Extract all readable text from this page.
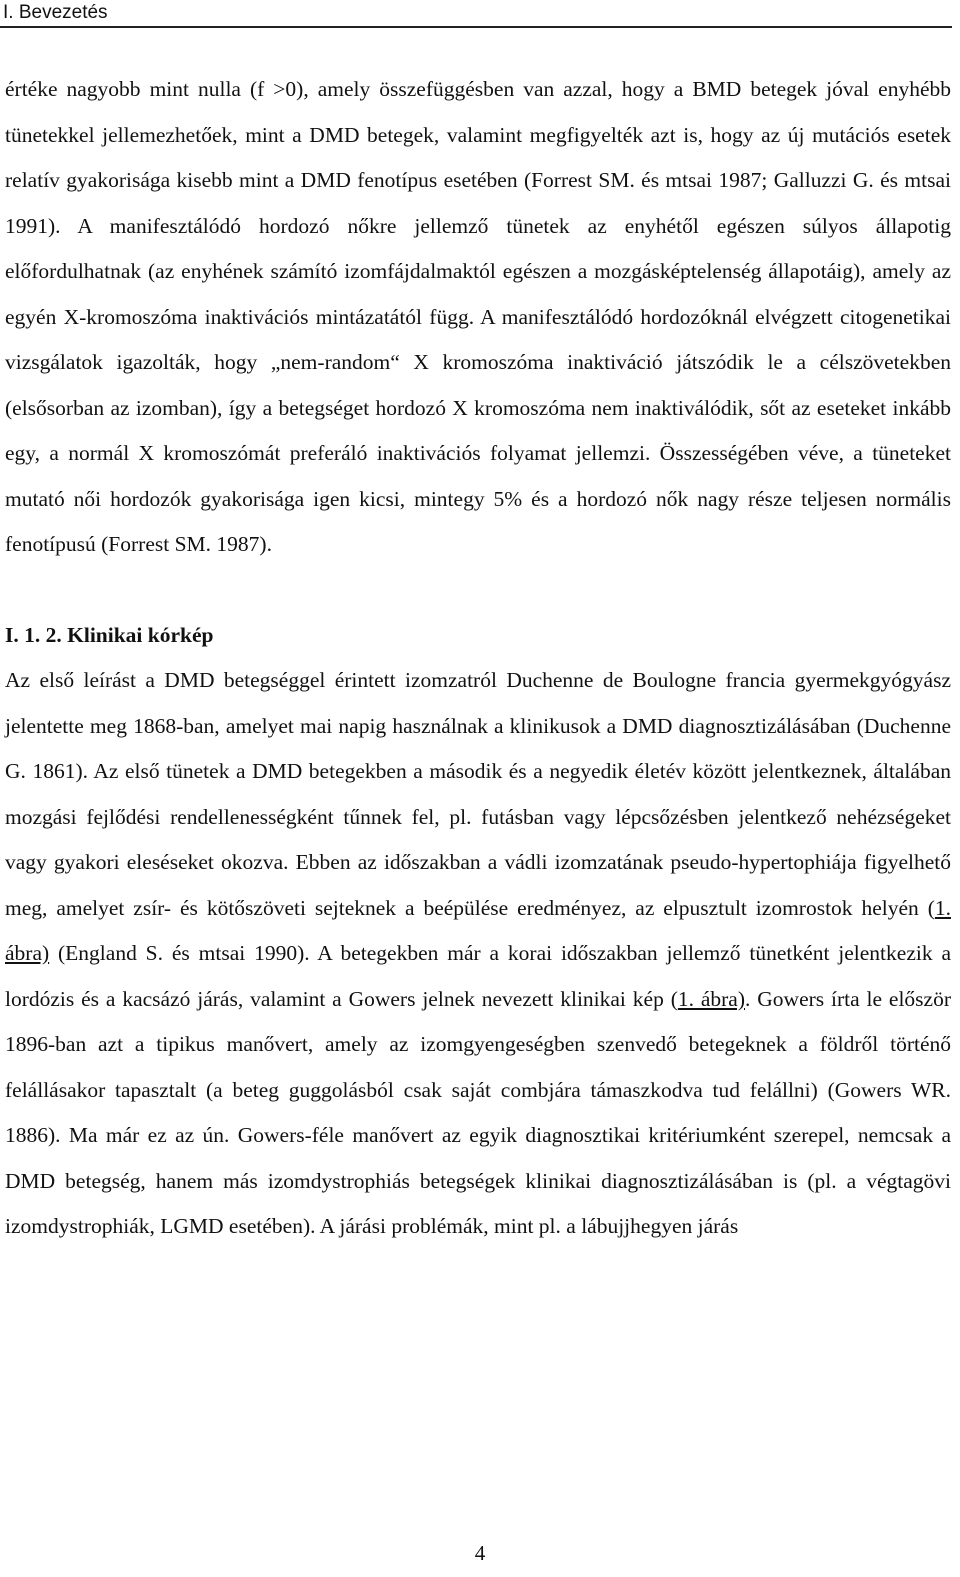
I. Bevezetés

értéke nagyobb mint nulla (f >0), amely összefüggésben van azzal, hogy a BMD betegek jóval enyhébb tünetekkel jellemezhetőek, mint a DMD betegek, valamint megfigyelték azt is, hogy az új mutációs esetek relatív gyakorisága kisebb mint a DMD fenotípus esetében (Forrest SM. és mtsai 1987; Galluzzi G. és mtsai 1991). A manifesztálódó hordozó nőkre jellemző tünetek az enyhétől egészen súlyos állapotig előfordulhatnak (az enyhének számító izomfájdalmaktól egészen a mozgásképtelenség állapotáig), amely az egyén X-kromoszóma inaktivációs mintázatától függ. A manifesztálódó hordozóknál elvégzett citogenetikai vizsgálatok igazolták, hogy „nem-random“ X kromoszóma inaktiváció játszódik le a célszövetekben (elsősorban az izomban), így a betegséget hordozó X kromoszóma nem inaktiválódik, sőt az eseteket inkább egy, a normál X kromoszómát preferáló inaktivációs folyamat jellemzi. Összességében véve, a tüneteket mutató női hordozók gyakorisága igen kicsi, mintegy 5% és a hordozó nők nagy része teljesen normális fenotípusú (Forrest SM. 1987).

I. 1. 2. Klinikai kórkép

Az első leírást a DMD betegséggel érintett izomzatról Duchenne de Boulogne francia gyermekgyógyász jelentette meg 1868-ban, amelyet mai napig használnak a klinikusok a DMD diagnosztizálásában (Duchenne G. 1861). Az első tünetek a DMD betegekben a második és a negyedik életév között jelentkeznek, általában mozgási fejlődési rendellenességként tűnnek fel, pl. futásban vagy lépcsőzésben jelentkező nehézségeket vagy gyakori eleséseket okozva. Ebben az időszakban a vádli izomzatának pseudo-hypertophiája figyelhető meg, amelyet zsír- és kötőszöveti sejteknek a beépülése eredményez, az elpusztult izomrostok helyén (1. ábra) (England S. és mtsai 1990). A betegekben már a korai időszakban jellemző tünetként jelentkezik a lordózis és a kacsázó járás, valamint a Gowers jelnek nevezett klinikai kép (1. ábra). Gowers írta le először 1896-ban azt a tipikus manővert, amely az izomgyengeségben szenvedő betegeknek a földről történő felállásakor tapasztalt (a beteg guggolásból csak saját combjára támaszkodva tud felállni) (Gowers WR. 1886). Ma már ez az ún. Gowers-féle manővert az egyik diagnosztikai kritériumként szerepel, nemcsak a DMD betegség, hanem más izomdystrophiás betegségek klinikai diagnosztizálásában is (pl. a végtagövi izomdystrophiák, LGMD esetében). A járási problémák, mint pl. a lábujjhegyen járás

4
